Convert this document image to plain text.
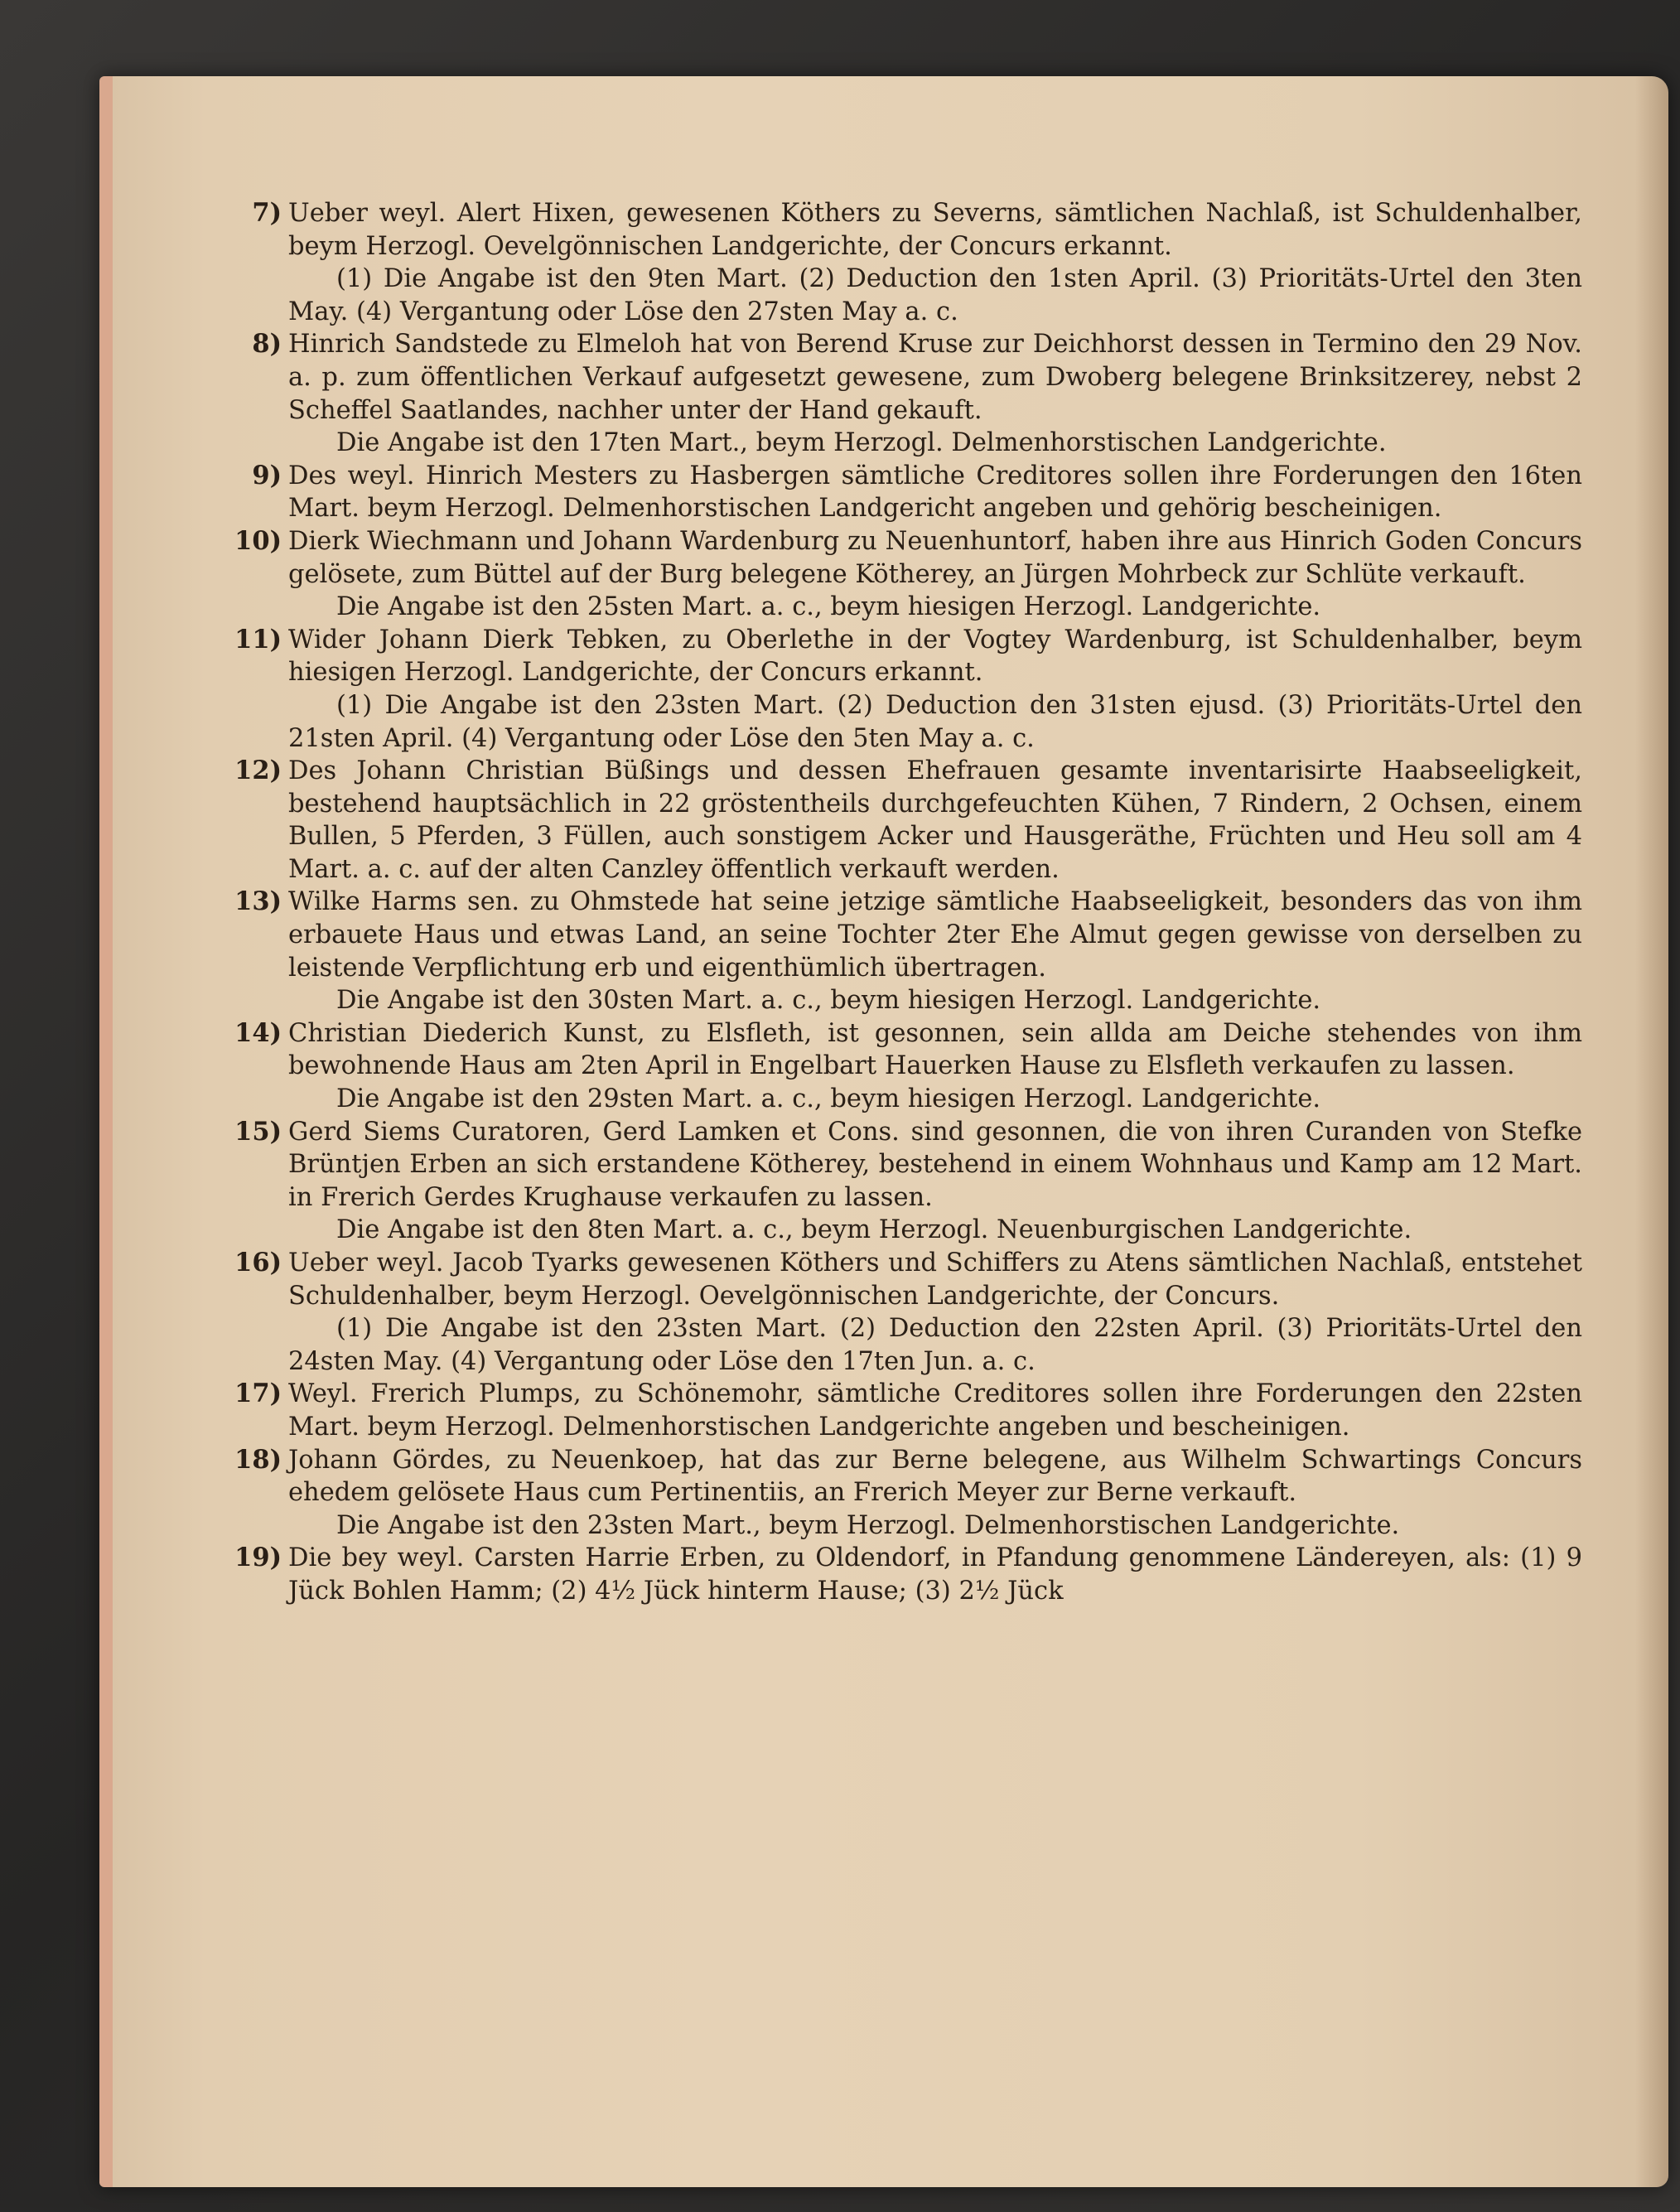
7) Ueber weyl. Alert Hixen, gewesenen Köthers zu Severns, sämtlichen Nachlaß, ist Schuldenhalber, beym Herzogl. Oevelgönnischen Landgerichte, der Concurs erkannt.
(1) Die Angabe ist den 9ten Mart. (2) Deduction den 1sten April. (3) Prioritäts-Urtel den 3ten May. (4) Vergantung oder Löse den 27sten May a. c.
8) Hinrich Sandstede zu Elmeloh hat von Berend Kruse zur Deichhorst dessen in Termino den 29 Nov. a. p. zum öffentlichen Verkauf aufgesetzt gewesene, zum Dwoberg belegene Brinksitzerey, nebst 2 Scheffel Saatlandes, nachher unter der Hand gekauft.
Die Angabe ist den 17ten Mart., beym Herzogl. Delmenhorstischen Landgerichte.
9) Des weyl. Hinrich Mesters zu Hasbergen sämtliche Creditores sollen ihre Forderungen den 16ten Mart. beym Herzogl. Delmenhorstischen Landgericht angeben und gehörig bescheinigen.
10) Dierk Wiechmann und Johann Wardenburg zu Neuenhuntorf, haben ihre aus Hinrich Goden Concurs gelösete, zum Büttel auf der Burg belegene Kötherey, an Jürgen Mohrbeck zur Schlüte verkauft.
Die Angabe ist den 25sten Mart. a. c., beym hiesigen Herzogl. Landgerichte.
11) Wider Johann Dierk Tebken, zu Oberlethe in der Vogtey Wardenburg, ist Schuldenhalber, beym hiesigen Herzogl. Landgerichte, der Concurs erkannt.
(1) Die Angabe ist den 23sten Mart. (2) Deduction den 31sten ejusd. (3) Prioritäts-Urtel den 21sten April. (4) Vergantung oder Löse den 5ten May a. c.
12) Des Johann Christian Büßings und dessen Ehefrauen gesamte inventarisirte Haabseeligkeit, bestehend hauptsächlich in 22 gröstentheils durchgefeuchten Kühen, 7 Rindern, 2 Ochsen, einem Bullen, 5 Pferden, 3 Füllen, auch sonstigem Acker und Hausgeräthe, Früchten und Heu soll am 4 Mart. a. c. auf der alten Canzley öffentlich verkauft werden.
13) Wilke Harms sen. zu Ohmstede hat seine jetzige sämtliche Haabseeligkeit, besonders das von ihm erbauete Haus und etwas Land, an seine Tochter 2ter Ehe Almut gegen gewisse von derselben zu leistende Verpflichtung erb und eigenthümlich übertragen.
Die Angabe ist den 30sten Mart. a. c., beym hiesigen Herzogl. Landgerichte.
14) Christian Diederich Kunst, zu Elsfleth, ist gesonnen, sein allda am Deiche stehendes von ihm bewohnende Haus am 2ten April in Engelbart Hauerken Hause zu Elsfleth verkaufen zu lassen.
Die Angabe ist den 29sten Mart. a. c., beym hiesigen Herzogl. Landgerichte.
15) Gerd Siems Curatoren, Gerd Lamken et Cons. sind gesonnen, die von ihren Curanden von Stefke Brüntjen Erben an sich erstandene Kötherey, bestehend in einem Wohnhaus und Kamp am 12 Mart. in Frerich Gerdes Krughause verkaufen zu lassen.
Die Angabe ist den 8ten Mart. a. c., beym Herzogl. Neuenburgischen Landgerichte.
16) Ueber weyl. Jacob Tyarks gewesenen Köthers und Schiffers zu Atens sämtlichen Nachlaß, entstehet Schuldenhalber, beym Herzogl. Oevelgönnischen Landgerichte, der Concurs.
(1) Die Angabe ist den 23sten Mart. (2) Deduction den 22sten April. (3) Prioritäts-Urtel den 24sten May. (4) Vergantung oder Löse den 17ten Jun. a. c.
17) Weyl. Frerich Plumps, zu Schönemohr, sämtliche Creditores sollen ihre Forderungen den 22sten Mart. beym Herzogl. Delmenhorstischen Landgerichte angeben und bescheinigen.
18) Johann Gördes, zu Neuenkoep, hat das zur Berne belegene, aus Wilhelm Schwartings Concurs ehedem gelösete Haus cum Pertinentiis, an Frerich Meyer zur Berne verkauft.
Die Angabe ist den 23sten Mart., beym Herzogl. Delmenhorstischen Landgerichte.
19) Die bey weyl. Carsten Harrie Erben, zu Oldendorf, in Pfandung genommene Ländereyen, als: (1) 9 Jück Bohlen Hamm; (2) 4½ Jück hinterm Hause; (3) 2½ Jück
